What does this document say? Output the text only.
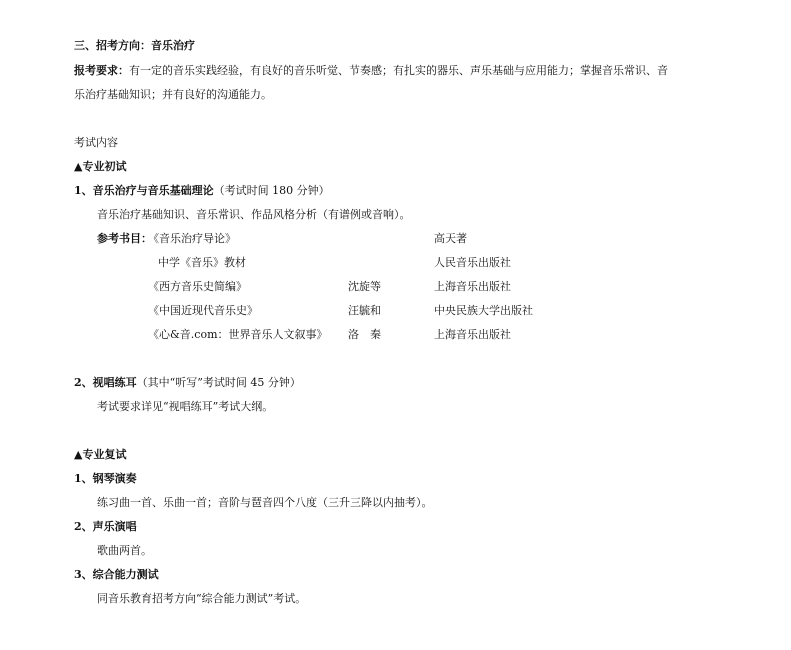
三、招考方向：音乐治疗
报考要求：有一定的音乐实践经验，有良好的音乐听觉、节奏感；有扎实的器乐、声乐基础与应用能力；掌握音乐常识、音
乐治疗基础知识；并有良好的沟通能力。
考试内容
▲专业初试
1、音乐治疗与音乐基础理论（考试时间 180 分钟）
音乐治疗基础知识、音乐常识、作品风格分析（有谱例或音响）。
参考书目：
《音乐治疗导论》	高天著
中学《音乐》教材	人民音乐出版社
《西方音乐史简编》	沈旋等	上海音乐出版社
《中国近现代音乐史》	汪毓和	中央民族大学出版社
《心&音.com：世界音乐人文叙事》 洛　秦	上海音乐出版社
2、视唱练耳（其中“听写”考试时间 45 分钟）
考试要求详见“视唱练耳”考试大纲。
▲专业复试
1、钢琴演奏
练习曲一首、乐曲一首；音阶与琶音四个八度（三升三降以内抽考）。
2、声乐演唱
歌曲两首。
3、综合能力测试
同音乐教育招考方向“综合能力测试”考试。
